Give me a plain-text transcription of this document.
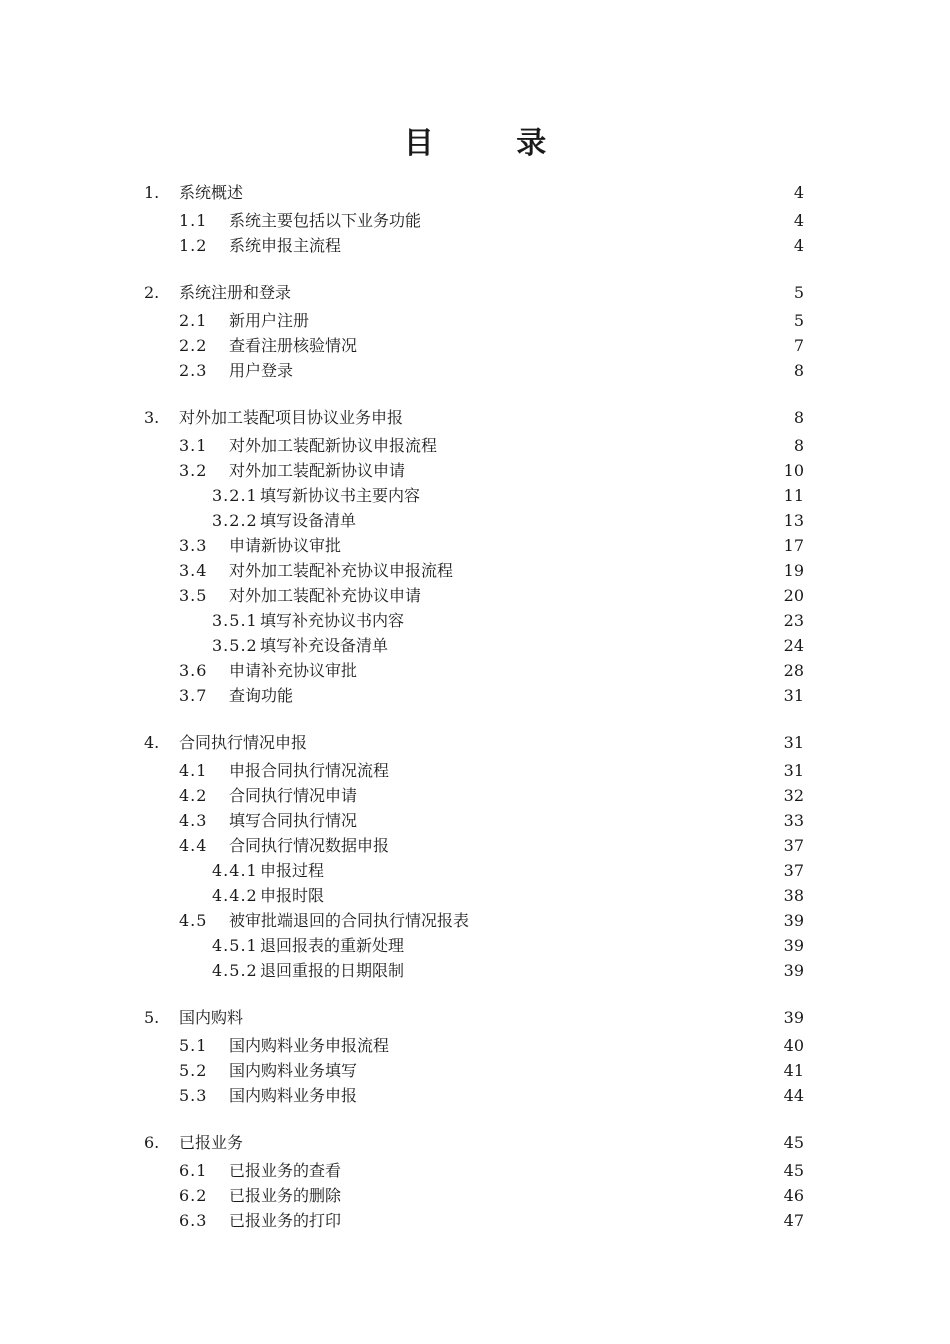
目 录
1. 系统概述	4
1.1 系统主要包括以下业务功能	4
1.2 系统申报主流程	4
2. 系统注册和登录	5
2.1 新用户注册	5
2.2 查看注册核验情况	7
2.3 用户登录	8
3. 对外加工装配项目协议业务申报	8
3.1 对外加工装配新协议申报流程	8
3.2 对外加工装配新协议申请	10
3.2.1 填写新协议书主要内容	11
3.2.2 填写设备清单	13
3.3 申请新协议审批	17
3.4 对外加工装配补充协议申报流程	19
3.5 对外加工装配补充协议申请	20
3.5.1 填写补充协议书内容	23
3.5.2 填写补充设备清单	24
3.6 申请补充协议审批	28
3.7 查询功能	31
4. 合同执行情况申报	31
4.1 申报合同执行情况流程	31
4.2 合同执行情况申请	32
4.3 填写合同执行情况	33
4.4 合同执行情况数据申报	37
4.4.1 申报过程	37
4.4.2 申报时限	38
4.5 被审批端退回的合同执行情况报表	39
4.5.1 退回报表的重新处理	39
4.5.2 退回重报的日期限制	39
5. 国内购料	39
5.1 国内购料业务申报流程	40
5.2 国内购料业务填写	41
5.3 国内购料业务申报	44
6. 已报业务	45
6.1 已报业务的查看	45
6.2 已报业务的删除	46
6.3 已报业务的打印	47
